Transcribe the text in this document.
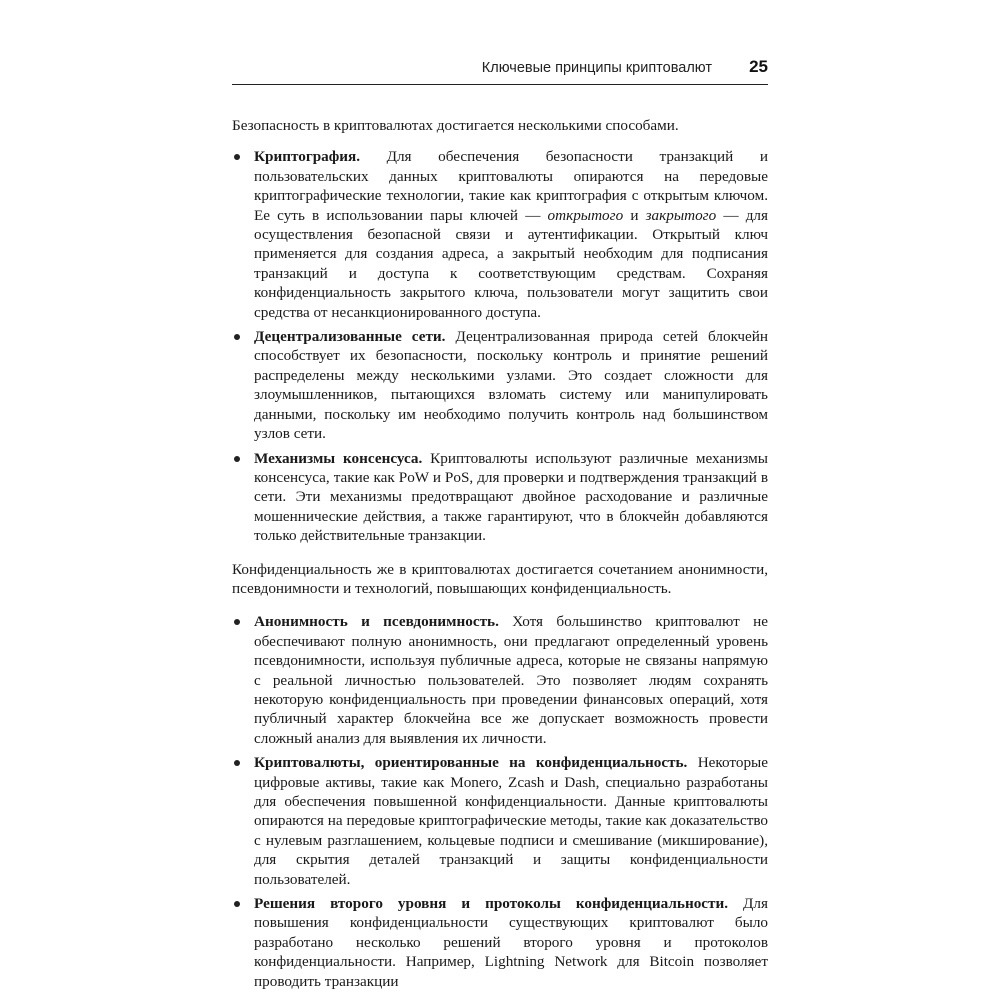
Ключевые принципы криптовалют 25

Безопасность в криптовалютах достигается несколькими способами.

Криптография. Для обеспечения безопасности транзакций и пользовательских данных криптовалюты опираются на передовые криптографические технологии, такие как криптография с открытым ключом. Ее суть в использовании пары ключей — открытого и закрытого — для осуществления безопасной связи и аутентификации. Открытый ключ применяется для создания адреса, а закрытый необходим для подписания транзакций и доступа к соответствующим средствам. Сохраняя конфиденциальность закрытого ключа, пользователи могут защитить свои средства от несанкционированного доступа.
Децентрализованные сети. Децентрализованная природа сетей блокчейн способствует их безопасности, поскольку контроль и принятие решений распределены между несколькими узлами. Это создает сложности для злоумышленников, пытающихся взломать систему или манипулировать данными, поскольку им необходимо получить контроль над большинством узлов сети.
Механизмы консенсуса. Криптовалюты используют различные механизмы консенсуса, такие как PoW и PoS, для проверки и подтверждения транзакций в сети. Эти механизмы предотвращают двойное расходование и различные мошеннические действия, а также гарантируют, что в блокчейн добавляются только действительные транзакции.

Конфиденциальность же в криптовалютах достигается сочетанием анонимности, псевдонимности и технологий, повышающих конфиденциальность.

Анонимность и псевдонимность. Хотя большинство криптовалют не обеспечивают полную анонимность, они предлагают определенный уровень псевдонимности, используя публичные адреса, которые не связаны напрямую с реальной личностью пользователей. Это позволяет людям сохранять некоторую конфиденциальность при проведении финансовых операций, хотя публичный характер блокчейна все же допускает возможность провести сложный анализ для выявления их личности.
Криптовалюты, ориентированные на конфиденциальность. Некоторые цифровые активы, такие как Monero, Zcash и Dash, специально разработаны для обеспечения повышенной конфиденциальности. Данные криптовалюты опираются на передовые криптографические методы, такие как доказательство с нулевым разглашением, кольцевые подписи и смешивание (микширование), для скрытия деталей транзакций и защиты конфиденциальности пользователей.
Решения второго уровня и протоколы конфиденциальности. Для повышения конфиденциальности существующих криптовалют было разработано несколько решений второго уровня и протоколов конфиденциальности. Например, Lightning Network для Bitcoin позволяет проводить транзакции
